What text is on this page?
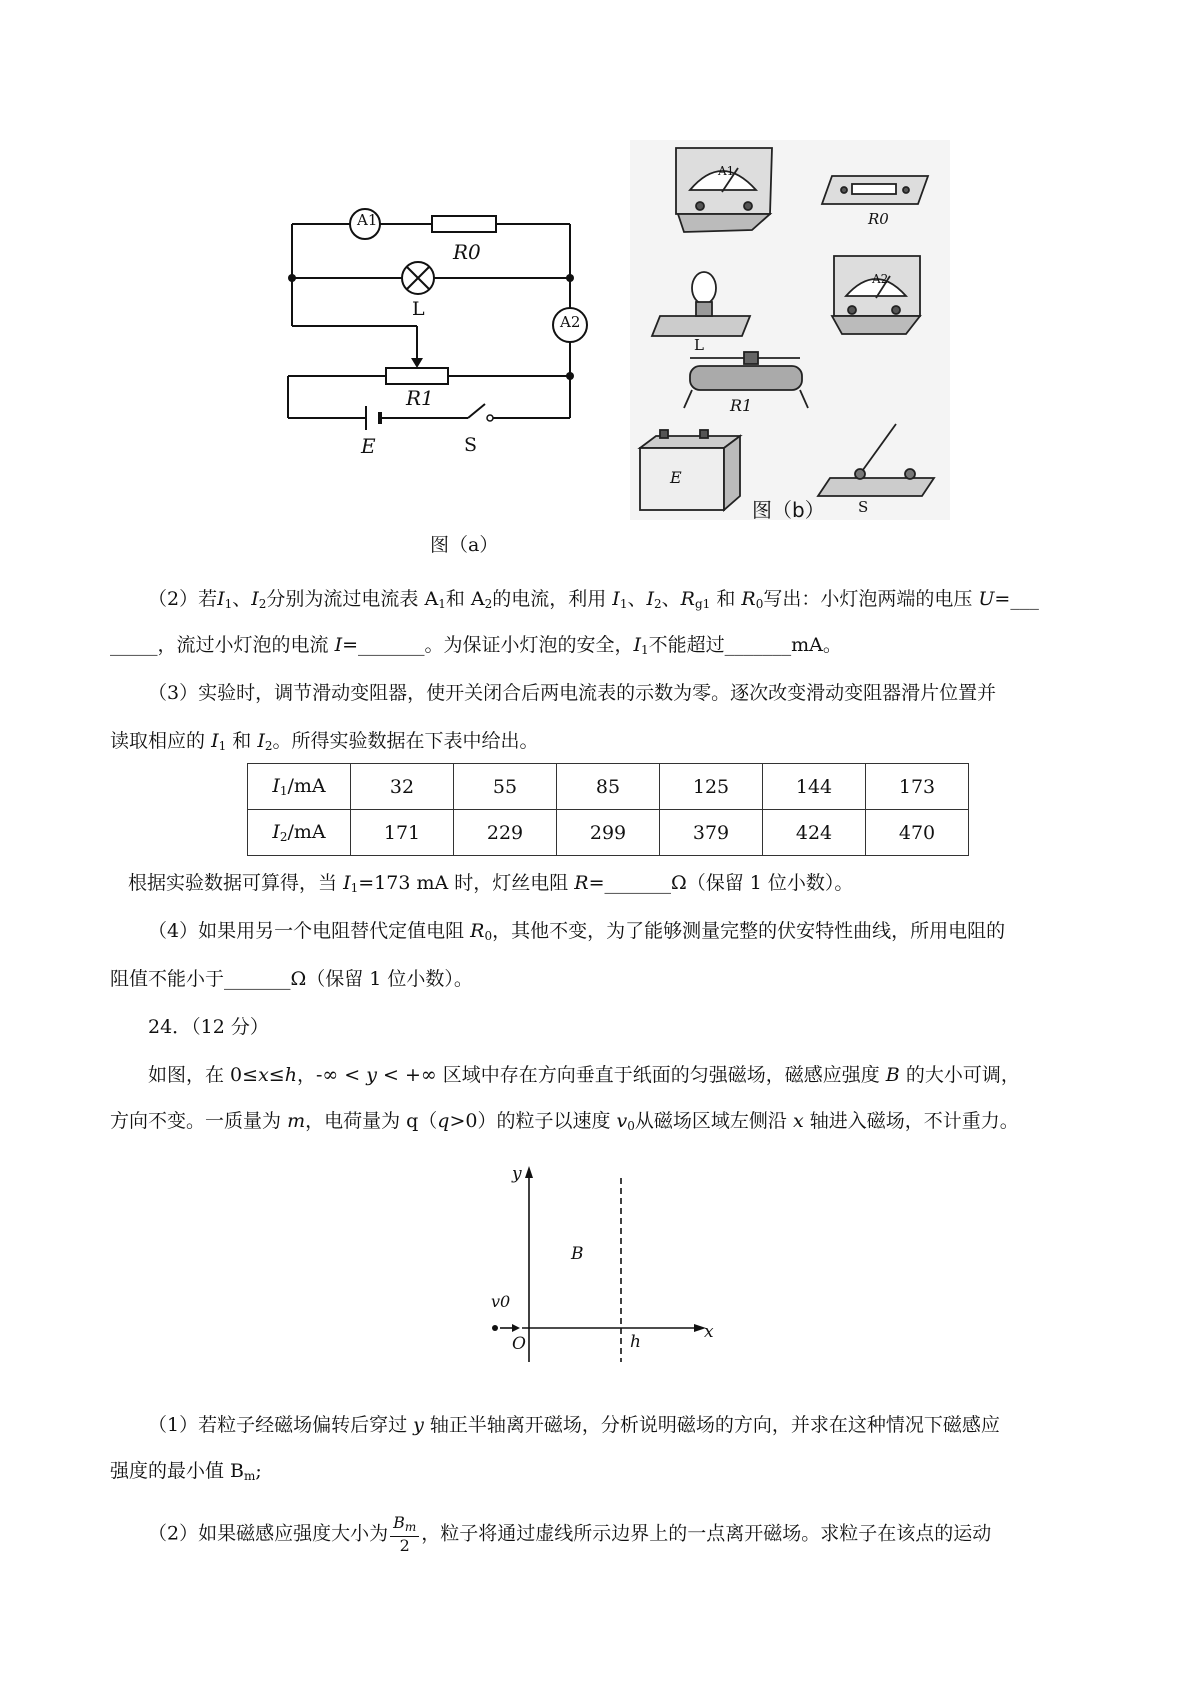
A1
A2
R0
L
R1
E	S
图（a）
A1
R0
L
A2
R1
E
S
图（b）
（2）若$I_1$、$I_2$分别为流过电流表 $A_1$和 $A_2$的电流，利用 $I_1$、$I_2$、$R_{g1}$ 和 $R_0$写出：小灯泡两端的电压 U=___
_____，流过小灯泡的电流 I=_______。为保证小灯泡的安全，$I_1$不能超过_______mA。
（3）实验时，调节滑动变阻器，使开关闭合后两电流表的示数为零。逐次改变滑动变阻器滑片位置并
读取相应的 $I_1$ 和 $I_2$。所得实验数据在下表中给出。
$I_1/mA$	32	55	85	125	144	173
$I_2/mA$	171	229	299	379	424	470
根据实验数据可算得，当 $I_1=173$ mA 时，灯丝电阻 R=_______Ω（保留 1 位小数）。
（4）如果用另一个电阻替代定值电阻 $R_0$，其他不变，为了能够测量完整的伏安特性曲线，所用电阻的
阻值不能小于_______Ω（保留 1 位小数）。
24．（12 分）
如图，在 0≤x≤h，-∞ < y < +∞ 区域中存在方向垂直于纸面的匀强磁场，磁感应强度 B 的大小可调，
方向不变。一质量为 m，电荷量为 q（q>0）的粒子以速度 $v_0$从磁场区域左侧沿 x 轴进入磁场，不计重力。
y
x
B
v0
O	h
（1）若粒子经磁场偏转后穿过 y 轴正半轴离开磁场，分析说明磁场的方向，并求在这种情况下磁感应
强度的最小值 $B_m$;
（2）如果磁感应强度大小为 $\frac{B_m}{2}$ ，粒子将通过虚线所示边界上的一点离开磁场。求粒子在该点的运动
